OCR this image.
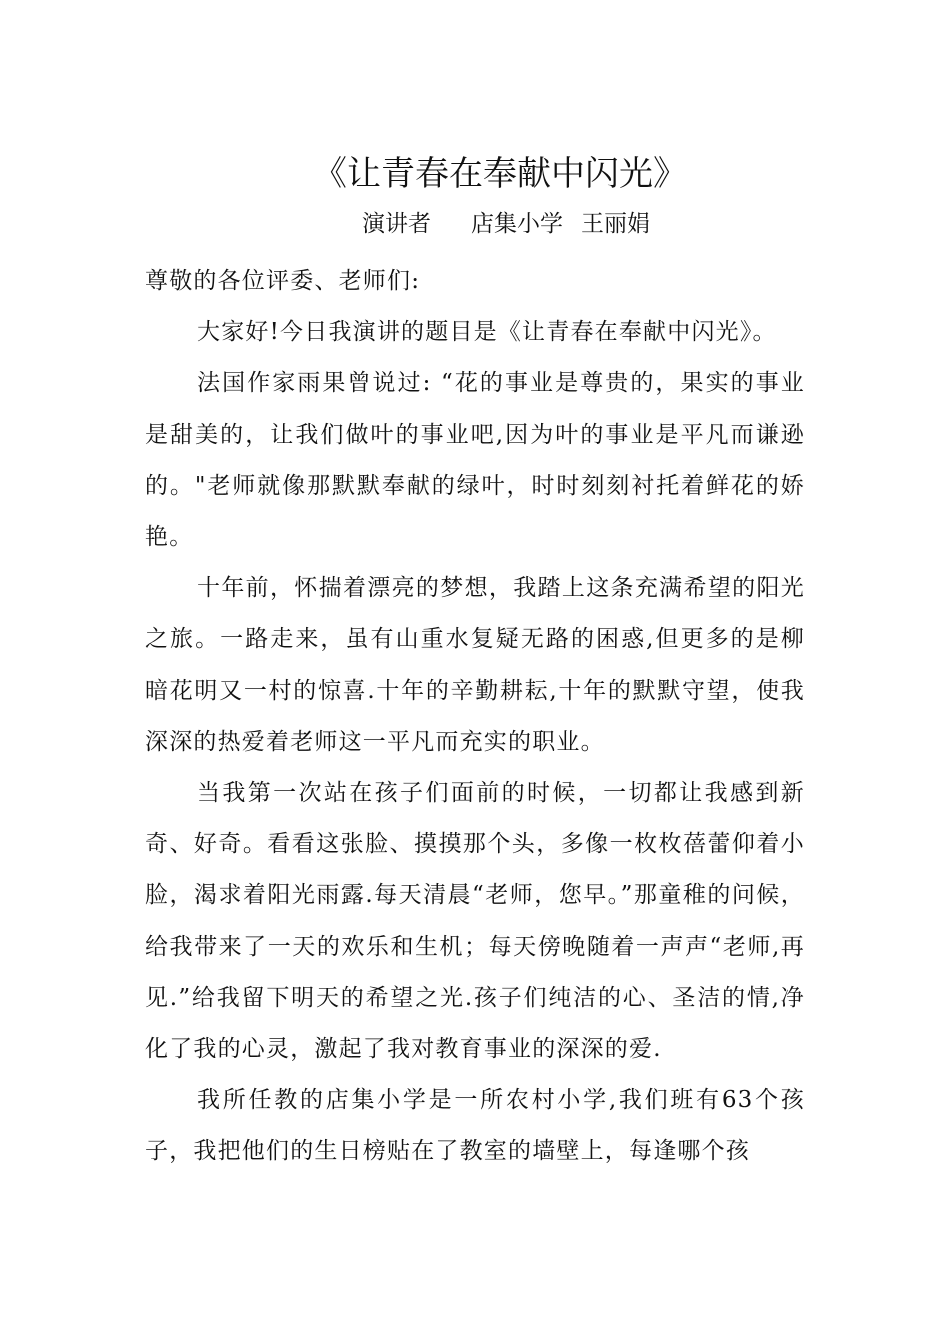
《让青春在奉献中闪光》
演讲者 店集小学 王丽娟

尊敬的各位评委、老师们:

大家好!今日我演讲的题目是《让青春在奉献中闪光》。

法国作家雨果曾说过: “花的事业是尊贵的，果实的事业是甜美的，让我们做叶的事业吧,因为叶的事业是平凡而谦逊的。"老师就像那默默奉献的绿叶，时时刻刻衬托着鲜花的娇艳。

十年前，怀揣着漂亮的梦想，我踏上这条充满希望的阳光之旅。一路走来，虽有山重水复疑无路的困惑,但更多的是柳暗花明又一村的惊喜.十年的辛勤耕耘,十年的默默守望，使我深深的热爱着老师这一平凡而充实的职业。

当我第一次站在孩子们面前的时候，一切都让我感到新奇、好奇。看看这张脸、摸摸那个头，多像一枚枚蓓蕾仰着小脸，渴求着阳光雨露.每天清晨“老师，您早。”那童稚的问候，给我带来了一天的欢乐和生机；每天傍晚随着一声声“老师,再见.”给我留下明天的希望之光.孩子们纯洁的心、圣洁的情,净化了我的心灵，激起了我对教育事业的深深的爱.

我所任教的店集小学是一所农村小学,我们班有63个孩子，我把他们的生日榜贴在了教室的墙壁上，每逢哪个孩
